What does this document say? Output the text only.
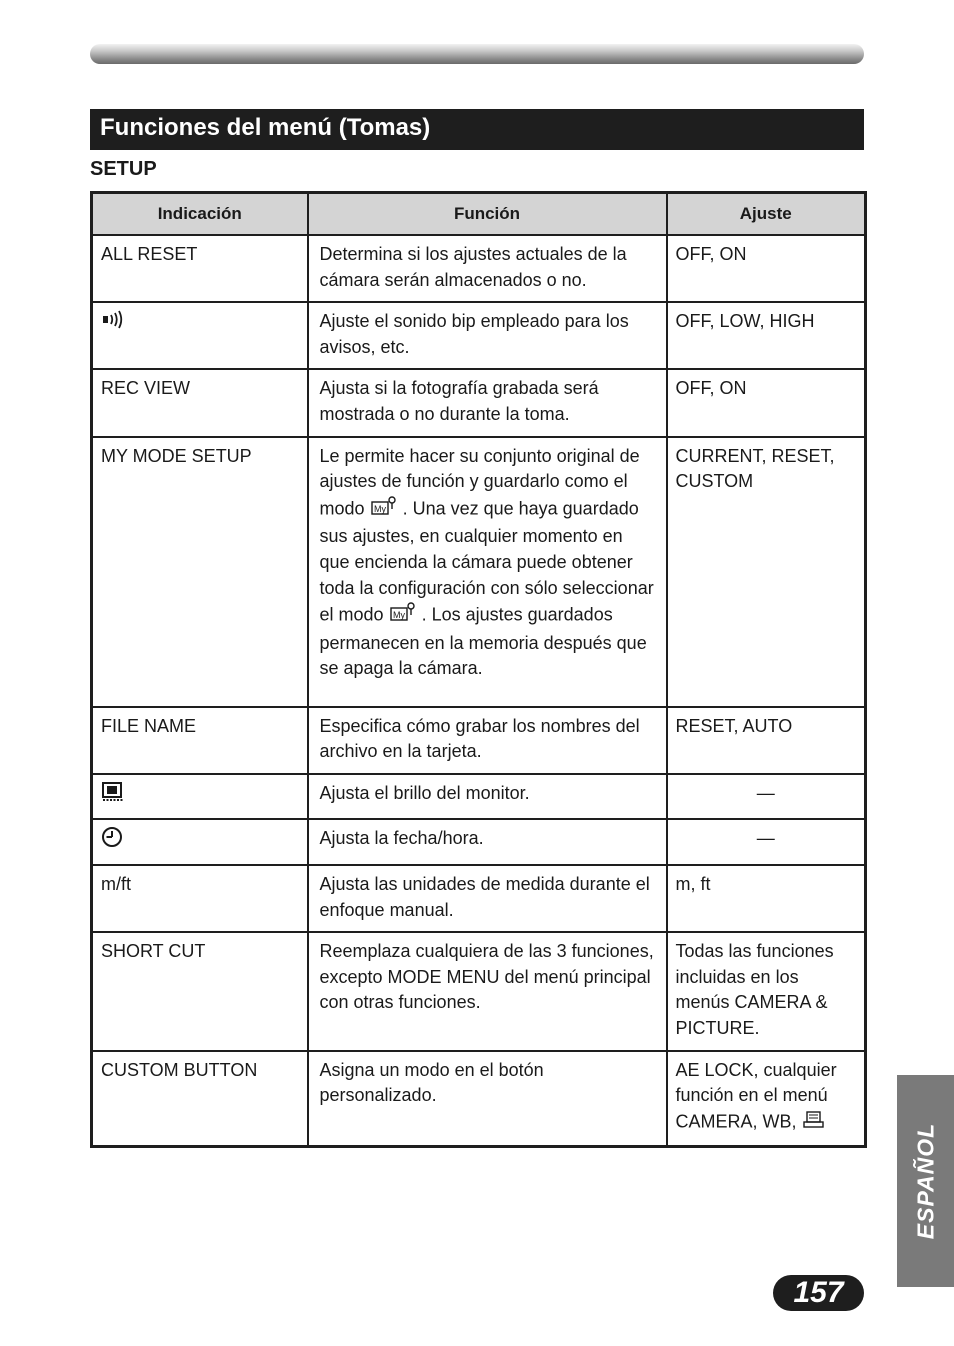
Funciones del menú (Tomas)
SETUP
Indicación	Función	Ajuste
ALL RESET	Determina si los ajustes actuales de la cámara serán almacenados o no.	OFF, ON
	Ajuste el sonido bip empleado para los avisos, etc.	OFF, LOW, HIGH
REC VIEW	Ajusta si la fotografía grabada será mostrada o no durante la toma.	OFF, ON
MY MODE SETUP	Le permite hacer su conjunto original de ajustes de función y guardarlo como el modo My . Una vez que haya guardado sus ajustes, en cualquier momento en que encienda la cámara puede obtener toda la configuración con sólo seleccionar el modo My . Los ajustes guardados permanecen en la memoria después que se apaga la cámara.	CURRENT, RESET, CUSTOM
FILE NAME	Especifica cómo grabar los nombres del archivo en la tarjeta.	RESET, AUTO
	Ajusta el brillo del monitor.	—
	Ajusta la fecha/hora.	—
m/ft	Ajusta las unidades de medida durante el enfoque manual.	m, ft
SHORT CUT	Reemplaza cualquiera de las 3 funciones, excepto MODE MENU del menú principal con otras funciones.	Todas las funciones incluidas en los menús CAMERA & PICTURE.
CUSTOM BUTTON	Asigna un modo en el botón personalizado.	AE LOCK, cualquier función en el menú CAMERA, WB,
ESPAÑOL
157
